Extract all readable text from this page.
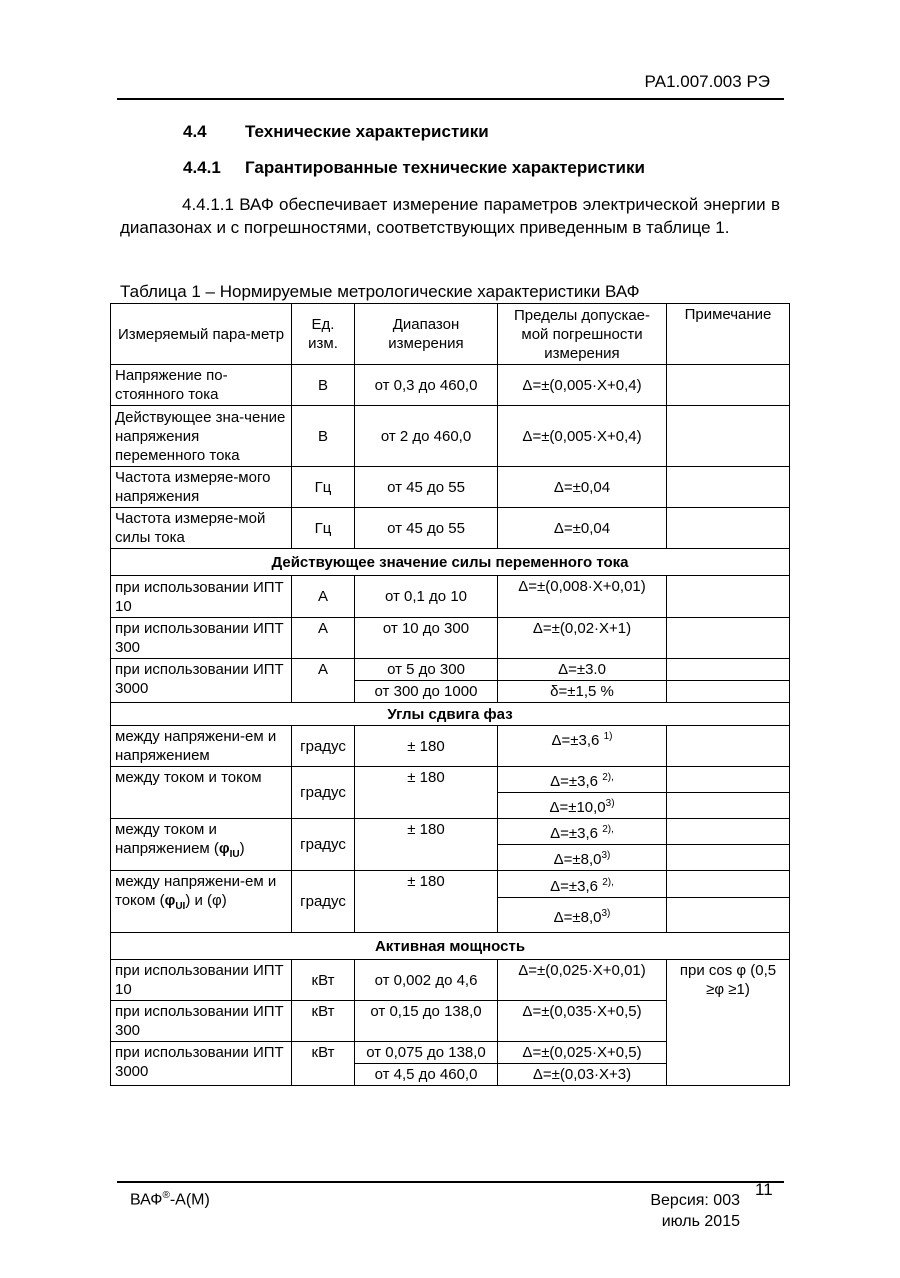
РА1.007.003 РЭ
4.4 Технические характеристики
4.4.1 Гарантированные технические характеристики
4.4.1.1 ВАФ обеспечивает измерение параметров электрической энергии в диапазонах и с погрешностями, соответствующих приведенным в таблице 1.
Таблица 1 – Нормируемые метрологические характеристики ВАФ
Измеряемый пара-метр	Ед. изм.	Диапазон измерения	Пределы допускае-мой погрешности измерения	Примечание
Напряжение по-стоянного тока	В	от 0,3 до 460,0	Δ=±(0,005·X+0,4)	
Действующее зна-чение напряжения переменного тока	В	от 2 до 460,0	Δ=±(0,005·X+0,4)	
Частота измеряе-мого напряжения	Гц	от 45 до 55	Δ=±0,04	
Частота измеряе-мой силы тока	Гц	от 45 до 55	Δ=±0,04	
Действующее значение силы переменного тока				
при использовании ИПТ 10	А	от 0,1 до 10	Δ=±(0,008·X+0,01)	
при использовании ИПТ 300	А	от 10 до 300	Δ=±(0,02·X+1)	
при использовании ИПТ 3000	А	от 5 до 300	Δ=±3.0	
		от 300 до 1000	δ=±1,5 %	
Углы сдвига фаз				
между напряжени-ем и напряжением	градус	± 180	Δ=±3,6 $^{1)}$	
между током и током	градус	± 180	Δ=±3,6 $^{2),}$	
			$\Delta=\pm 10,0^{3)}$	
между током и напряжением $(\varphi_{IU})$	градус	± 180	Δ=±3,6 $^{2),}$	
			$\Delta=\pm 8,0^{3)}$	
между напряжени-ем и током $(\varphi_{UI})$ и (φ)	градус	± 180	Δ=±3,6 $^{2),}$	
			$\Delta=\pm 8,0^{3)}$	
Активная мощность				
при использовании ИПТ 10	кВт	от 0,002 до 4,6	Δ=±(0,025·X+0,01)	при cos φ (0,5 ≥φ ≥1)
при использовании ИПТ 300	кВт	от 0,15 до 138,0	Δ=±(0,035·X+0,5)	
при использовании ИПТ 3000	кВт	от 0,075 до 138,0	Δ=±(0,025·X+0,5)	
		от 4,5 до 460,0	Δ=±(0,03·X+3)	
ВАФ®-А(М)	Версия: 003
июль 2015
11
